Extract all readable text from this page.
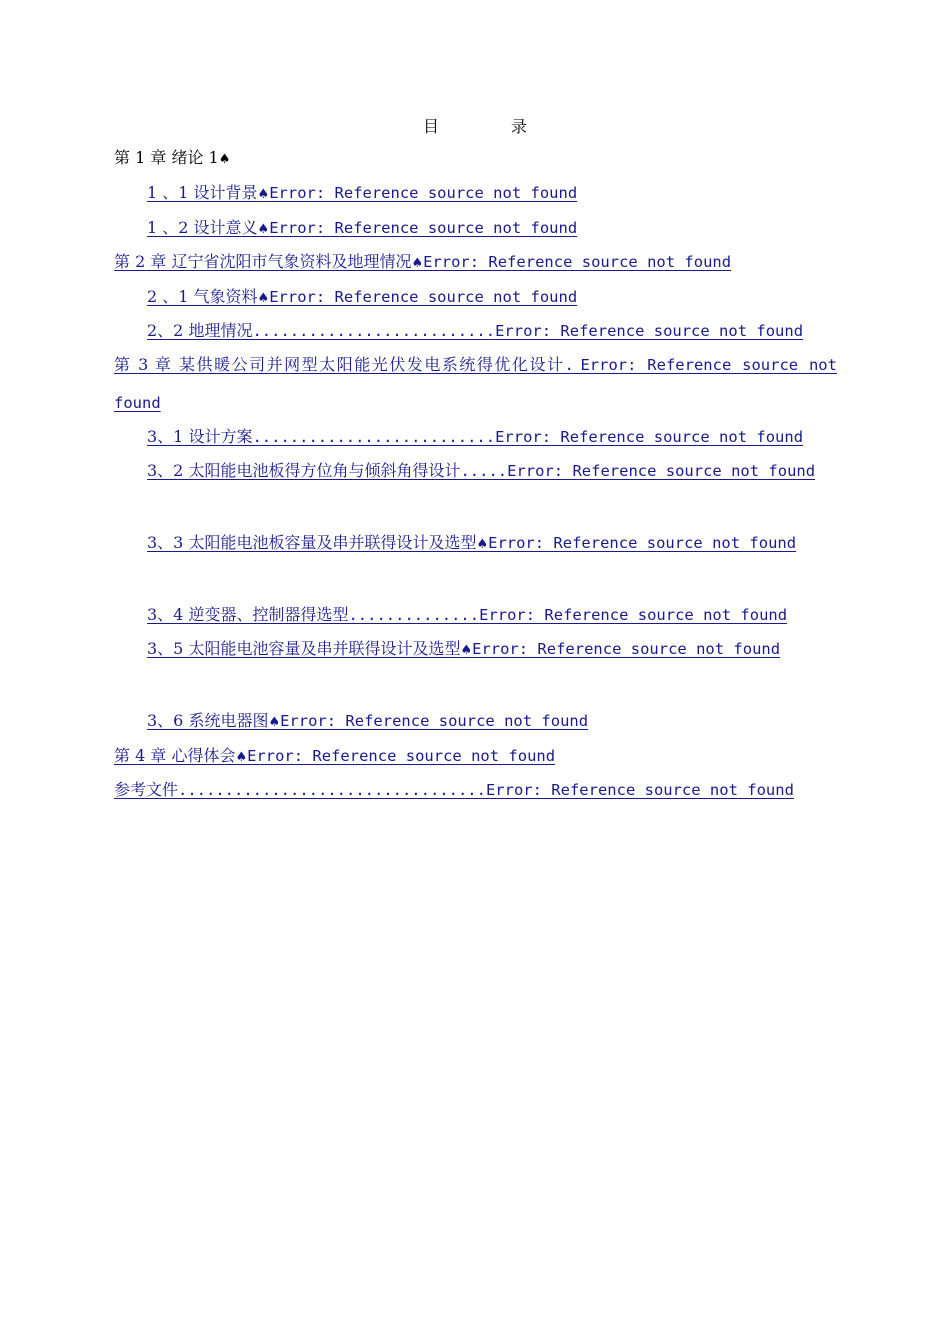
目　录
第 1 章 绪论 1♠
1 、1 设计背景♠Error: Reference source not found
1 、2 设计意义♠Error: Reference source not found
第 2 章 辽宁省沈阳市气象资料及地理情况♠Error: Reference source not found
2 、1 气象资料♠Error: Reference source not found
2、2 地理情况..........................Error: Reference source not found
第 3 章 某供暖公司并网型太阳能光伏发电系统得优化设计. Error: Reference source not found
3、1 设计方案..........................Error: Reference source not found
3、2 太阳能电池板得方位角与倾斜角得设计.....Error: Reference source not found
3、3 太阳能电池板容量及串并联得设计及选型♠Error: Reference source not found
3、4 逆变器、控制器得选型..............Error: Reference source not found
3、5 太阳能电池容量及串并联得设计及选型♠Error: Reference source not found
3、6 系统电器图♠Error: Reference source not found
第 4 章 心得体会♠Error: Reference source not found
参考文件.................................Error: Reference source not found
